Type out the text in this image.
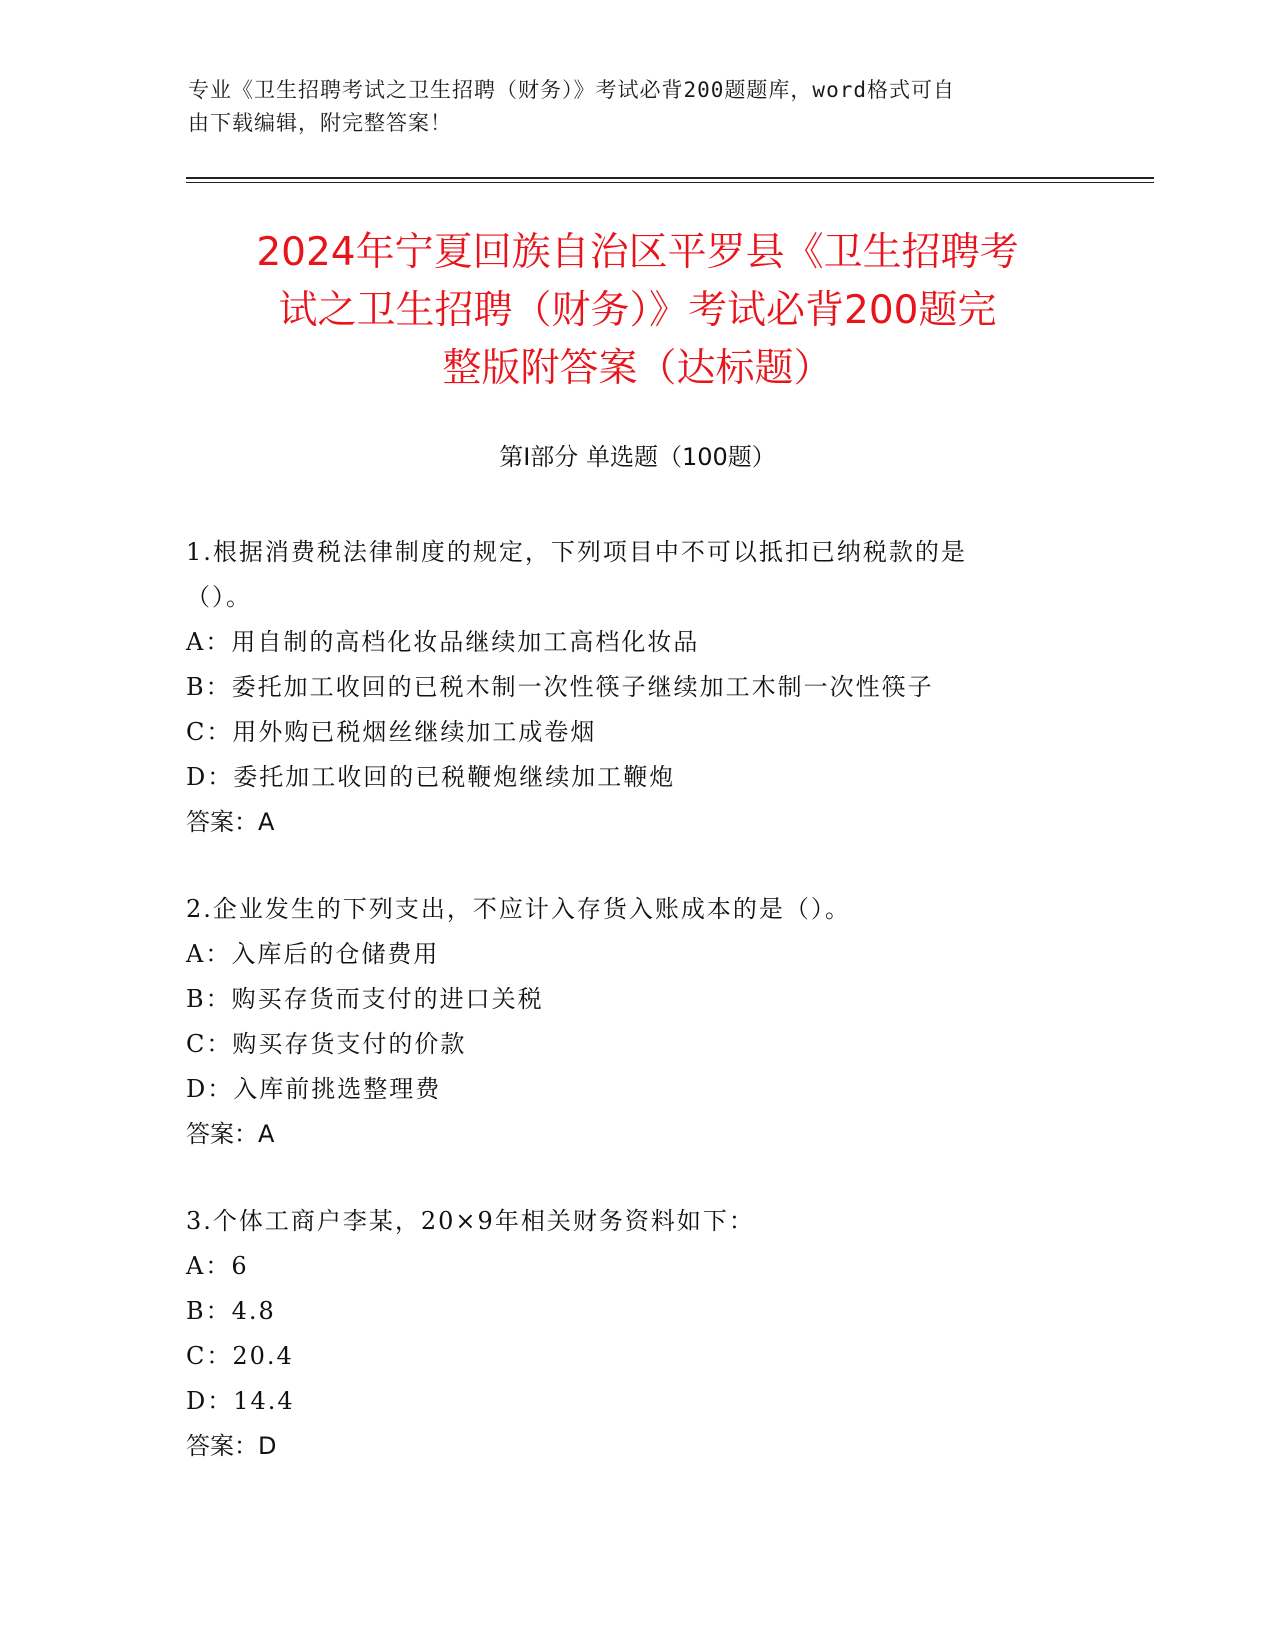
专业《卫生招聘考试之卫生招聘（财务）》考试必背200题题库，word格式可自
由下载编辑，附完整答案！
2024年宁夏回族自治区平罗县《卫生招聘考
试之卫生招聘（财务）》考试必背200题完
整版附答案（达标题）
第Ⅰ部分 单选题（100题）
1.根据消费税法律制度的规定，下列项目中不可以抵扣已纳税款的是
（）。
A：用自制的高档化妆品继续加工高档化妆品
B：委托加工收回的已税木制一次性筷子继续加工木制一次性筷子
C：用外购已税烟丝继续加工成卷烟
D：委托加工收回的已税鞭炮继续加工鞭炮
答案：A
2.企业发生的下列支出，不应计入存货入账成本的是（）。
A：入库后的仓储费用
B：购买存货而支付的进口关税
C：购买存货支付的价款
D：入库前挑选整理费
答案：A
3.个体工商户李某，20×9年相关财务资料如下：
A：6
B：4.8
C：20.4
D：14.4
答案：D
